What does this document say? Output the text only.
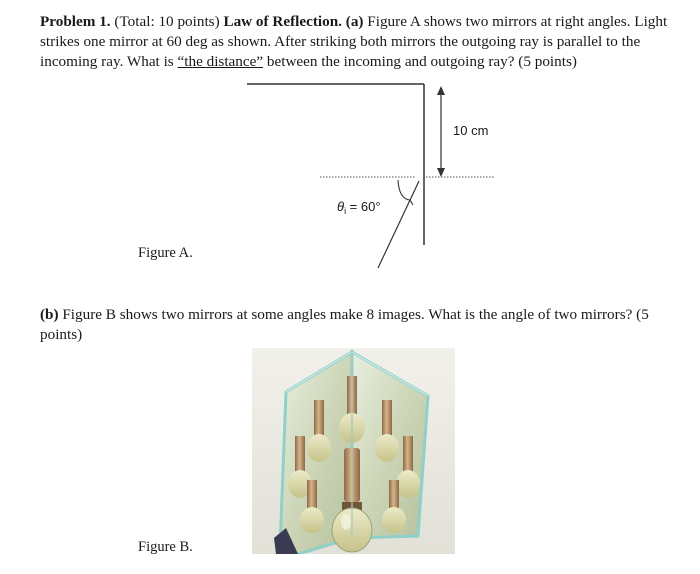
Problem 1. (Total: 10 points) Law of Reflection. (a) Figure A shows two mirrors at right angles. Light strikes one mirror at 60 deg as shown. After striking both mirrors the outgoing ray is parallel to the incoming ray. What is “the distance” between the incoming and outgoing ray? (5 points)
10 cm
$\theta_i = 60^\circ$
Figure A.
(b) Figure B shows two mirrors at some angles make 8 images. What is the angle of two mirrors? (5 points)
Figure B.
